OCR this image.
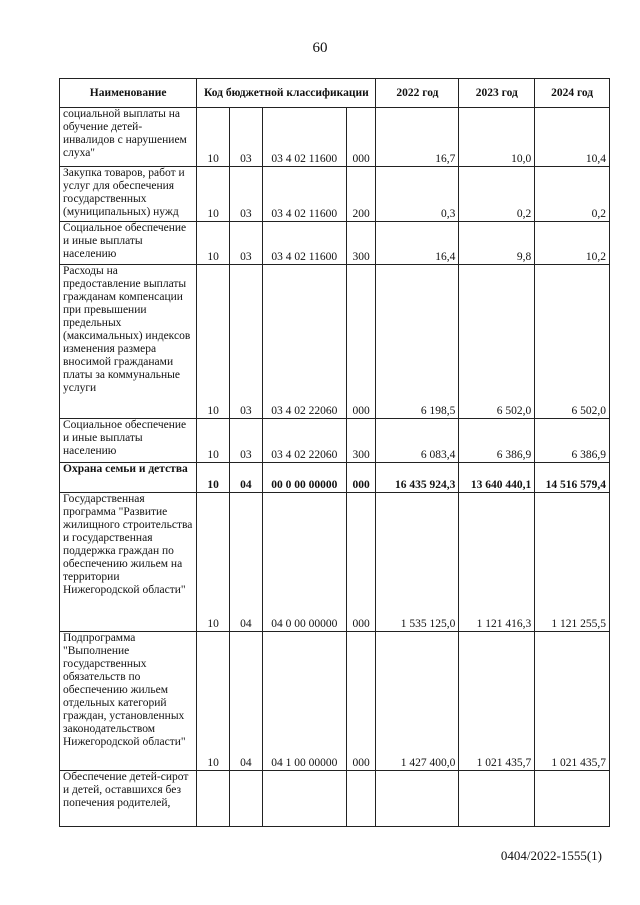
60
Наименование	Код бюджетной классификации				2022 год	2023 год	2024 год
социальной выплаты на обучение детей-инвалидов с нарушением слуха"	10	03	03 4 02 11600	000	16,7	10,0	10,4
Закупка товаров, работ и услуг для обеспечения государственных (муниципальных) нужд	10	03	03 4 02 11600	200	0,3	0,2	0,2
Социальное обеспечение и иные выплаты населению	10	03	03 4 02 11600	300	16,4	9,8	10,2
Расходы на предоставление выплаты гражданам компенсации при превышении предельных (максимальных) индексов изменения размера вносимой гражданами платы за коммунальные услуги	10	03	03 4 02 22060	000	6 198,5	6 502,0	6 502,0
Социальное обеспечение и иные выплаты населению	10	03	03 4 02 22060	300	6 083,4	6 386,9	6 386,9
Охрана семьи и детства	10	04	00 0 00 00000	000	16 435 924,3	13 640 440,1	14 516 579,4
Государственная программа "Развитие жилищного строительства и государственная поддержка граждан по обеспечению жильем на территории Нижегородской области"	10	04	04 0 00 00000	000	1 535 125,0	1 121 416,3	1 121 255,5
Подпрограмма "Выполнение государственных обязательств по обеспечению жильем отдельных категорий граждан, установленных законодательством Нижегородской области"	10	04	04 1 00 00000	000	1 427 400,0	1 021 435,7	1 021 435,7
Обеспечение детей-сирот и детей, оставшихся без попечения родителей,							
0404/2022-1555(1)
